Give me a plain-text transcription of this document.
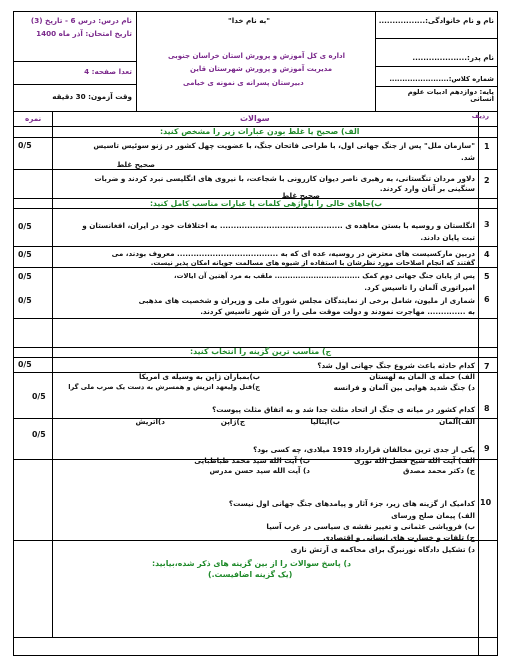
نام و نام خانوادگی:.................
نام پدر:....................
شماره کلاس:.......................
پایه: دوازدهم ادبیات علوم انسانی
"به نام خدا"
اداره ی کل آموزش و پرورش استان خراسان جنوبی
مدیریت آموزش و پرورش شهرستان قاین
دبیرستان پسرانه ی نمونه ی خیامی
نام درس: درس 6 - تاریخ (3)
تاریخ امتحان: آذر ماه 1400
تعدا صفحه: 4
وقت آزمون: 30 دقیقه
ردیف
سوالات
نمره
الف) صحیح یا غلط بودن عبارات زیر را مشخص کنید:
1
"سازمان ملل" پس از جنگ جهانی اول، با طراحی فاتحان جنگ، با عضویت چهل کشور در ژنو سوئیس تاسیس
شد.
صحیح غلط
0/5
2
دلاور مردان تنگستانی، به رهبری ناصر دیوان کازرونی با شجاعت، با نیروی های انگلیسی نبرد کردند و ضربات
سنگینی بر آنان وارد کردند.
صحیح غلط
ب)جاهای خالی را باواژهی کلمات یا عبارات مناسب کامل کنید:
3
انگلستان و روسیه با بستن معاهده ی ............................................. به اختلافات خود در ایران، افغانستان و
تبت پایان دادند.
0/5
4
دربین مارکسیست های معترض در روسیه، عده ای که به ..................................... معروف بودند، می
گفتند که انجام اصلاحات مورد نظرشان با استفاده از شیوه های مسالمت جویانه امکان پذیر نیست.
0/5
5
پس از پایان جنگ جهانی دوم کمک ................................. ملقب به مرد آهنین آن ایالات،
امپراتوری آلمان را تاسیس کرد.
0/5
6
شماری از ملیون، شامل برخی از نمایندگان مجلس شورای ملی و وزیران و شخصیت های مذهبی
به .............. مهاجرت نمودند و دولت موقت ملی را در آن شهر تاسیس کردند.
0/5
ج) مناسب ترین گزینه را انتخاب کنید:
7
کدام حادثه باعث شروع جنگ جهانی اول شد؟
الف) حمله ی آلمان به لهستان
ب)بمباران ژاپن به وسیله ی آمریکا
د) جنگ شدید هوایی بین آلمان و فرانسه
ج)قتل ولیعهد اتریش و همسرش به دست یک صرب ملی گرا
0/5
8
کدام کشور در میانه ی جنگ از اتحاد مثلث جدا شد و به اتفاق مثلث پیوست؟
الف)آلمان
ب)ایتالیا
ج)ژاپن
د)اتریش
0/5
9
یکی از جدی ترین مخالفان قرارداد 1919 میلادی، چه کسی بود؟
الف) آیت الله شیخ فضل الله نوری
ب) آیت الله سید محمد طباطبایی
ج) دکتر محمد مصدق
د) آیت الله سید حسن مدرس
0/5
10
کدامیک از گزینه های زیر، جزء آثار و پیامدهای جنگ جهانی اول نیست؟
الف) پیمان صلح ورسای
ب) فروپاشی عثمانی و تغییر نقشه ی سیاسی در غرب آسیا
ج) تلفات و خسارت های انسانی و اقتصادی
د) تشکیل دادگاه نورنبرگ برای محاکمه ی آرتش نازی
د) پاسخ سوالات را از بین گزینه های ذکر شده،بیابید:
(یک گزینه اضافیست.)
